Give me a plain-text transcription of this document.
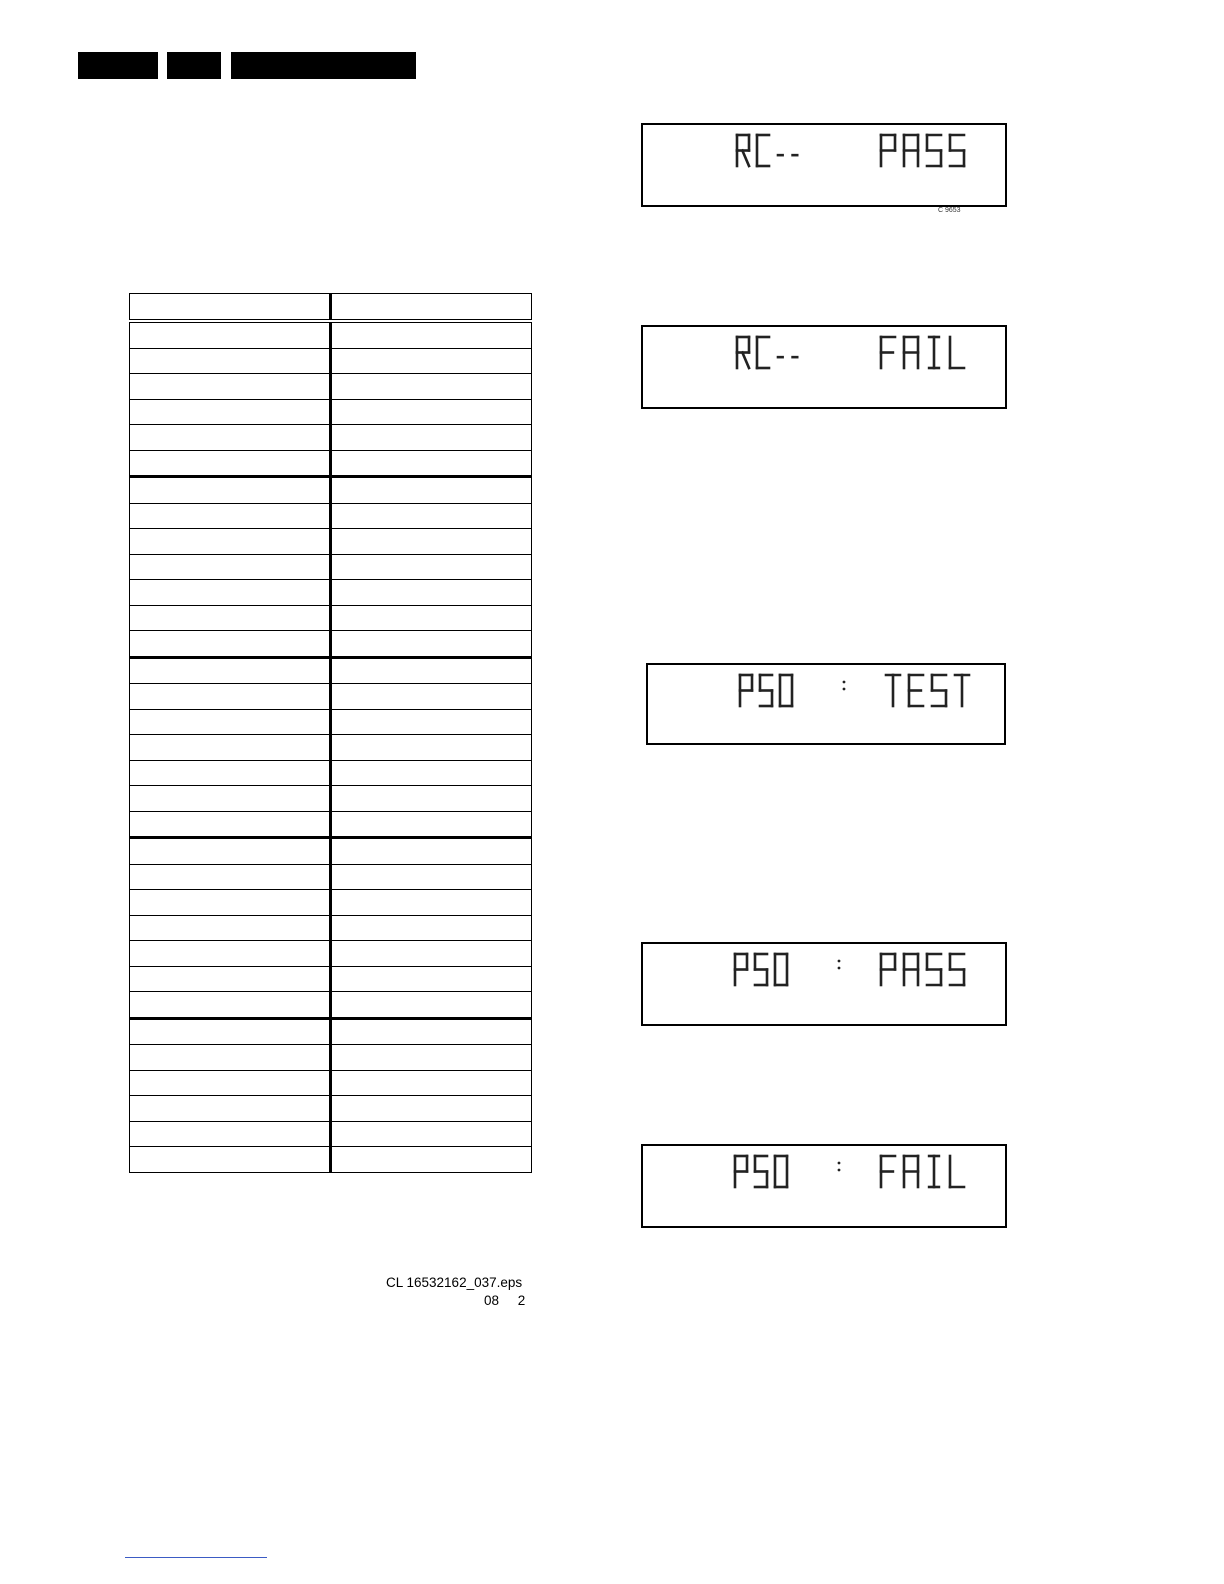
CL 16532162_037.eps
08     2
C 9653
